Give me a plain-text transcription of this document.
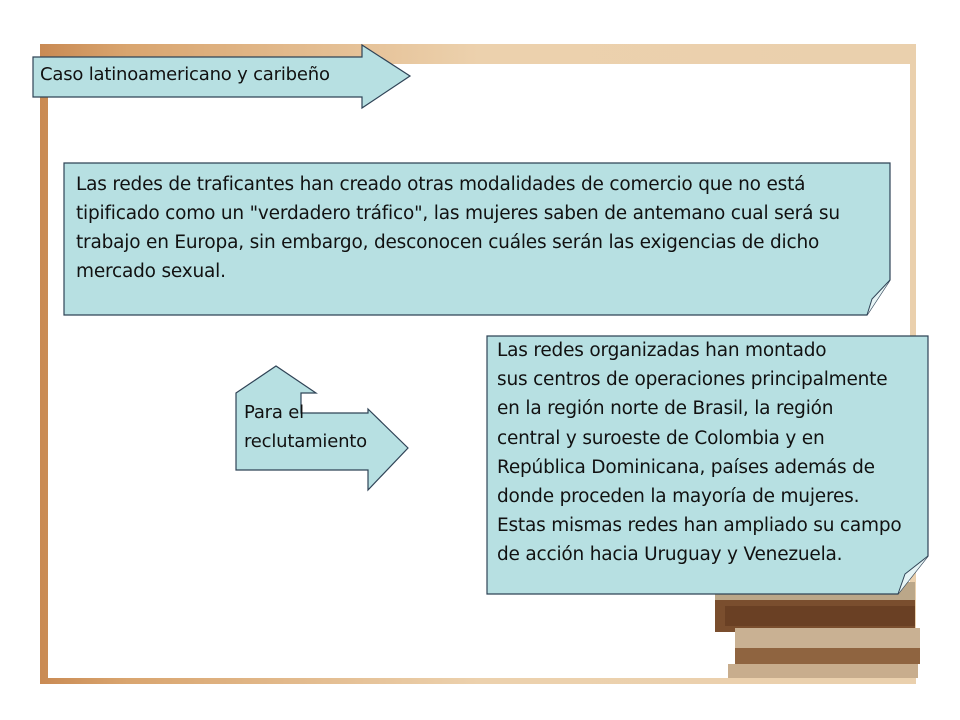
Caso latinoamericano y caribeño
Las redes de traficantes han creado otras modalidades de comercio que no está tipificado como un "verdadero tráfico", las mujeres saben de antemano cual será su trabajo en Europa, sin embargo, desconocen cuáles serán las exigencias de dicho mercado sexual.
Para el
reclutamiento
Las redes organizadas han montado
sus centros de operaciones principalmente
en la región norte de Brasil, la región
central y suroeste de Colombia y en
República Dominicana, países además de
donde proceden la mayoría de mujeres.
Estas mismas redes han ampliado su campo
de acción hacia Uruguay y Venezuela.
